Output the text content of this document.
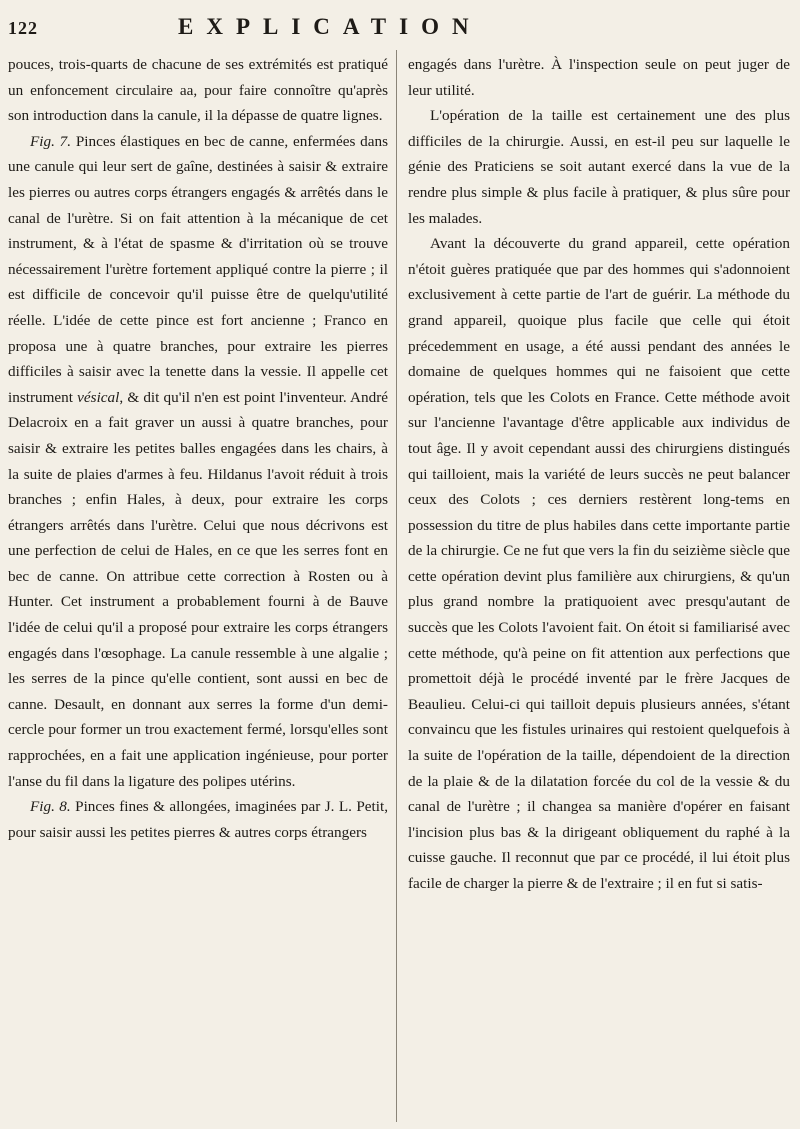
122	EXPLICATION

pouces, trois-quarts de chacune de ses extrémités est pratiqué un enfoncement circulaire aa, pour faire connoître qu'après son introduction dans la canule, il la dépasse de quatre lignes.

Fig. 7. Pinces élastiques en bec de canne, enfermées dans une canule qui leur sert de gaîne, destinées à saisir & extraire les pierres ou autres corps étrangers engagés & arrêtés dans le canal de l'urètre. Si on fait attention à la mécanique de cet instrument, & à l'état de spasme & d'irritation où se trouve nécessairement l'urètre fortement appliqué contre la pierre ; il est difficile de concevoir qu'il puisse être de quelqu'utilité réelle. L'idée de cette pince est fort ancienne ; Franco en proposa une à quatre branches, pour extraire les pierres difficiles à saisir avec la tenette dans la vessie. Il appelle cet instrument vésical, & dit qu'il n'en est point l'inventeur. André Delacroix en a fait graver un aussi à quatre branches, pour saisir & extraire les petites balles engagées dans les chairs, à la suite de plaies d'armes à feu. Hildanus l'avoit réduit à trois branches ; enfin Hales, à deux, pour extraire les corps étrangers arrêtés dans l'urètre. Celui que nous décrivons est une perfection de celui de Hales, en ce que les serres font en bec de canne. On attribue cette correction à Rosten ou à Hunter. Cet instrument a probablement fourni à de Bauve l'idée de celui qu'il a proposé pour extraire les corps étrangers engagés dans l'œsophage. La canule ressemble à une algalie ; les serres de la pince qu'elle contient, sont aussi en bec de canne. Desault, en donnant aux serres la forme d'un demi-cercle pour former un trou exactement fermé, lorsqu'elles sont rapprochées, en a fait une application ingénieuse, pour porter l'anse du fil dans la ligature des polipes utérins.

Fig. 8. Pinces fines & allongées, imaginées par J. L. Petit, pour saisir aussi les petites pierres & autres corps étrangers

engagés dans l'urètre. À l'inspection seule on peut juger de leur utilité.

L'opération de la taille est certainement une des plus difficiles de la chirurgie. Aussi, en est-il peu sur laquelle le génie des Praticiens se soit autant exercé dans la vue de la rendre plus simple & plus facile à pratiquer, & plus sûre pour les malades.

Avant la découverte du grand appareil, cette opération n'étoit guères pratiquée que par des hommes qui s'adonnoient exclusivement à cette partie de l'art de guérir. La méthode du grand appareil, quoique plus facile que celle qui étoit précedemment en usage, a été aussi pendant des années le domaine de quelques hommes qui ne faisoient que cette opération, tels que les Colots en France. Cette méthode avoit sur l'ancienne l'avantage d'être applicable aux individus de tout âge. Il y avoit cependant aussi des chirurgiens distingués qui tailloient, mais la variété de leurs succès ne peut balancer ceux des Colots ; ces derniers restèrent long-tems en possession du titre de plus habiles dans cette importante partie de la chirurgie. Ce ne fut que vers la fin du seizième siècle que cette opération devint plus familière aux chirurgiens, & qu'un plus grand nombre la pratiquoient avec presqu'autant de succès que les Colots l'avoient fait. On étoit si familiarisé avec cette méthode, qu'à peine on fit attention aux perfections que promettoit déjà le procédé inventé par le frère Jacques de Beaulieu. Celui-ci qui tailloit depuis plusieurs années, s'étant convaincu que les fistules urinaires qui restoient quelquefois à la suite de l'opération de la taille, dépendoient de la direction de la plaie & de la dilatation forcée du col de la vessie & du canal de l'urètre ; il changea sa manière d'opérer en faisant l'incision plus bas & la dirigeant obliquement du raphé à la cuisse gauche. Il reconnut que par ce procédé, il lui étoit plus facile de charger la pierre & de l'extraire ; il en fut si satis-
